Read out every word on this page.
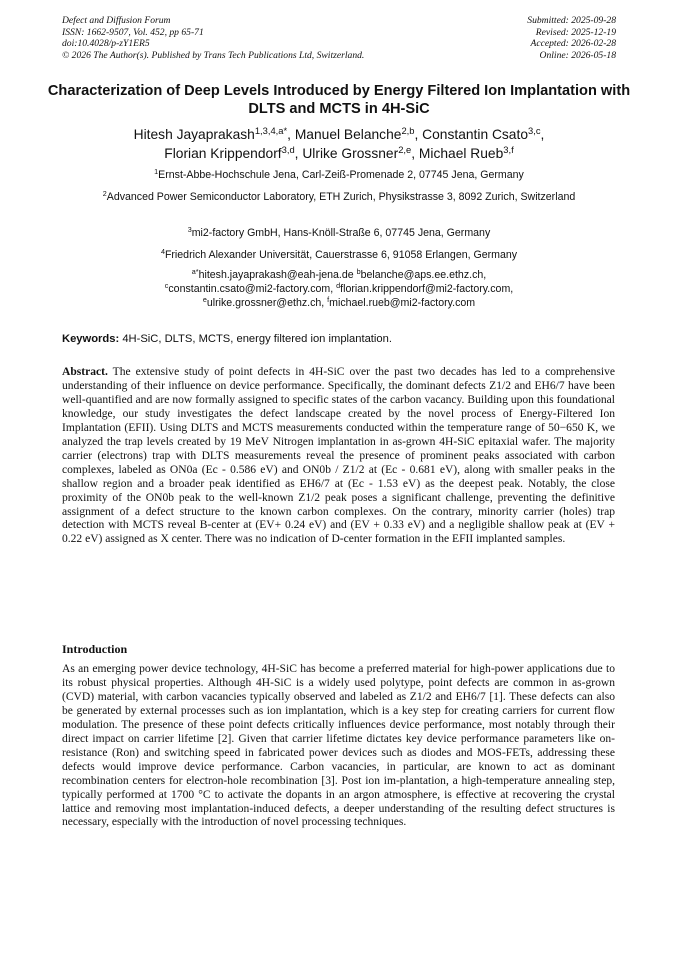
Defect and Diffusion Forum
ISSN: 1662-9507, Vol. 452, pp 65-71
doi:10.4028/p-zY1ER5
© 2026 The Author(s). Published by Trans Tech Publications Ltd, Switzerland.
Submitted: 2025-09-28
Revised: 2025-12-19
Accepted: 2026-02-28
Online: 2026-05-18
Characterization of Deep Levels Introduced by Energy Filtered Ion Implantation with DLTS and MCTS in 4H-SiC
Hitesh Jayaprakash$^{1,3,4,a*}$, Manuel Belanche$^{2,b}$, Constantin Csato$^{3,c}$,
Florian Krippendorf$^{3,d}$, Ulrike Grossner$^{2,e}$, Michael Rueb$^{3,f}$
$^1$Ernst-Abbe-Hochschule Jena, Carl-Zeiß-Promenade 2, 07745 Jena, Germany
$^2$Advanced Power Semiconductor Laboratory, ETH Zurich, Physikstrasse 3, 8092 Zurich, Switzerland
$^3$mi2-factory GmbH, Hans-Knöll-Straße 6, 07745 Jena, Germany
$^4$Friedrich Alexander Universität, Cauerstrasse 6, 91058 Erlangen, Germany
$^{a*}$hitesh.jayaprakash@eah-jena.de $^b$belanche@aps.ee.ethz.ch,
$^c$constantin.csato@mi2-factory.com, $^d$florian.krippendorf@mi2-factory.com,
$^e$ulrike.grossner@ethz.ch, $^f$michael.rueb@mi2-factory.com
Keywords: 4H-SiC, DLTS, MCTS, energy filtered ion implantation.
Abstract. The extensive study of point defects in 4H-SiC over the past two decades has led to a comprehensive understanding of their influence on device performance. Specifically, the dominant defects Z1/2 and EH6/7 have been well-quantified and are now formally assigned to specific states of the carbon vacancy. Building upon this foundational knowledge, our study investigates the defect landscape created by the novel process of Energy-Filtered Ion Implantation (EFII). Using DLTS and MCTS measurements conducted within the temperature range of 50−650 K, we analyzed the trap levels created by 19 MeV Nitrogen implantation in as-grown 4H-SiC epitaxial wafer. The majority carrier (electrons) trap with DLTS measurements reveal the presence of prominent peaks associated with carbon complexes, labeled as ON0a (Ec - 0.586 eV) and ON0b / Z1/2 at (Ec - 0.681 eV), along with smaller peaks in the shallow region and a broader peak identified as EH6/7 at (Ec - 1.53 eV) as the deepest peak. Notably, the close proximity of the ON0b peak to the well-known Z1/2 peak poses a significant challenge, preventing the definitive assignment of a defect structure to the known carbon complexes. On the contrary, minority carrier (holes) trap detection with MCTS reveal B-center at (EV+ 0.24 eV) and (EV + 0.33 eV) and a negligible shallow peak at (EV + 0.22 eV) assigned as X center. There was no indication of D-center formation in the EFII implanted samples.
Introduction
As an emerging power device technology, 4H-SiC has become a preferred material for high-power applications due to its robust physical properties. Although 4H-SiC is a widely used polytype, point defects are common in as-grown (CVD) material, with carbon vacancies typically observed and labeled as Z1/2 and EH6/7 [1]. These defects can also be generated by external processes such as ion implantation, which is a key step for creating carriers for current flow modulation. The presence of these point defects critically influences device performance, most notably through their direct impact on carrier lifetime [2]. Given that carrier lifetime dictates key device performance parameters like on-resistance (Ron) and switching speed in fabricated power devices such as diodes and MOS-FETs, addressing these defects would improve device performance. Carbon vacancies, in particular, are known to act as dominant recombination centers for electron-hole recombination [3]. Post ion im-plantation, a high-temperature annealing step, typically performed at 1700 °C to activate the dopants in an argon atmosphere, is effective at recovering the crystal lattice and removing most implantation-induced defects, a deeper understanding of the resulting defect structures is necessary, especially with the introduction of novel processing techniques.
